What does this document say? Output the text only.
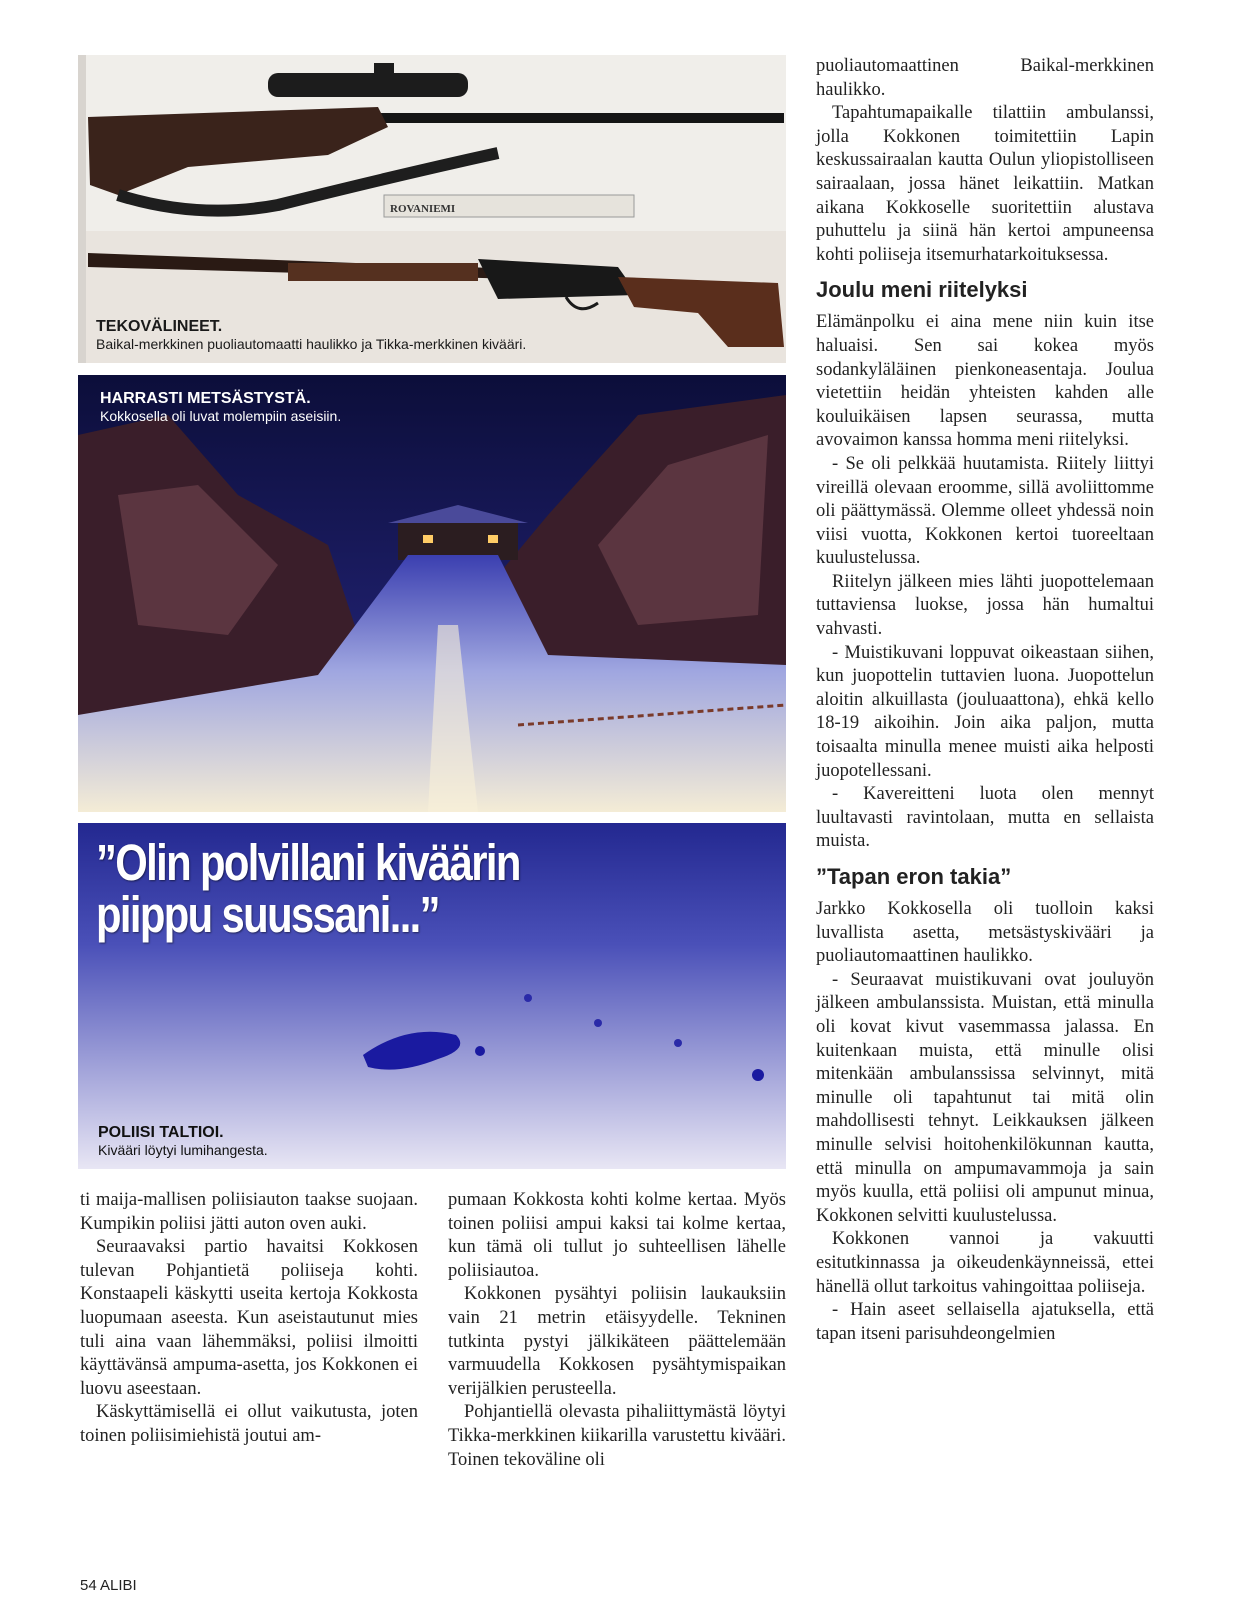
ROVANIEMI
TEKOVÄLINEET.
Baikal-merkkinen puoliautomaatti haulikko ja Tikka-merkkinen kivääri.
HARRASTI METSÄSTYSTÄ.
Kokkosella oli luvat molempiin aseisiin.
”Olin polvillani kiväärin
piippu suussani...”
POLIISI TALTIOI.
Kivääri löytyi lumihangesta.

ti maija-mallisen poliisiauton taakse suojaan. Kumpikin poliisi jätti auton oven auki.

Seuraavaksi partio havaitsi Kokkosen tulevan Pohjantietä poliiseja kohti. Konstaapeli käskytti useita kertoja Kokkosta luopumaan aseesta. Kun aseistautunut mies tuli aina vaan lähemmäksi, poliisi ilmoitti käyttävänsä ampuma-asetta, jos Kokkonen ei luovu aseestaan.

Käskyttämisellä ei ollut vaikutusta, joten toinen poliisimiehistä joutui am-

pumaan Kokkosta kohti kolme kertaa. Myös toinen poliisi ampui kaksi tai kolme kertaa, kun tämä oli tullut jo suhteellisen lähelle poliisiautoa.

Kokkonen pysähtyi poliisin laukauksiin vain 21 metrin etäisyydelle. Tekninen tutkinta pystyi jälkikäteen päättelemään varmuudella Kokkosen pysähtymispaikan verijälkien perusteella.

Pohjantiellä olevasta pihaliittymästä löytyi Tikka-merkkinen kiikarilla varustettu kivääri. Toinen tekoväline oli

puoliautomaattinen Baikal-merkkinen haulikko.

Tapahtumapaikalle tilattiin ambulanssi, jolla Kokkonen toimitettiin Lapin keskussairaalan kautta Oulun yliopistolliseen sairaalaan, jossa hänet leikattiin. Matkan aikana Kokkoselle suoritettiin alustava puhuttelu ja siinä hän kertoi ampuneensa kohti poliiseja itsemurhatarkoituksessa.

Joulu meni riitelyksi

Elämänpolku ei aina mene niin kuin itse haluaisi. Sen sai kokea myös sodankyläläinen pienkoneasentaja. Joulua vietettiin heidän yhteisten kahden alle kouluikäisen lapsen seurassa, mutta avovaimon kanssa homma meni riitelyksi.

- Se oli pelkkää huutamista. Riitely liittyi vireillä olevaan eroomme, sillä avoliittomme oli päättymässä. Olemme olleet yhdessä noin viisi vuotta, Kokkonen kertoi tuoreeltaan kuulustelussa.

Riitelyn jälkeen mies lähti juopottelemaan tuttaviensa luokse, jossa hän humaltui vahvasti.

- Muistikuvani loppuvat oikeastaan siihen, kun juopottelin tuttavien luona. Juopottelun aloitin alkuillasta (jouluaattona), ehkä kello 18-19 aikoihin. Join aika paljon, mutta toisaalta minulla menee muisti aika helposti juopotellessani.

- Kavereitteni luota olen mennyt luultavasti ravintolaan, mutta en sellaista muista.

”Tapan eron takia”

Jarkko Kokkosella oli tuolloin kaksi luvallista asetta, metsästyskivääri ja puoliautomaattinen haulikko.

- Seuraavat muistikuvani ovat jouluyön jälkeen ambulanssista. Muistan, että minulla oli kovat kivut vasemmassa jalassa. En kuitenkaan muista, että minulle olisi mitenkään ambulanssissa selvinnyt, mitä minulle oli tapahtunut tai mitä olin mahdollisesti tehnyt. Leikkauksen jälkeen minulle selvisi hoitohenkilökunnan kautta, että minulla on ampumavammoja ja sain myös kuulla, että poliisi oli ampunut minua, Kokkonen selvitti kuulustelussa.

Kokkonen vannoi ja vakuutti esitutkinnassa ja oikeudenkäynneissä, ettei hänellä ollut tarkoitus vahingoittaa poliiseja.

- Hain aseet sellaisella ajatuksella, että tapan itseni parisuhdeongelmien

54 ALIBI
